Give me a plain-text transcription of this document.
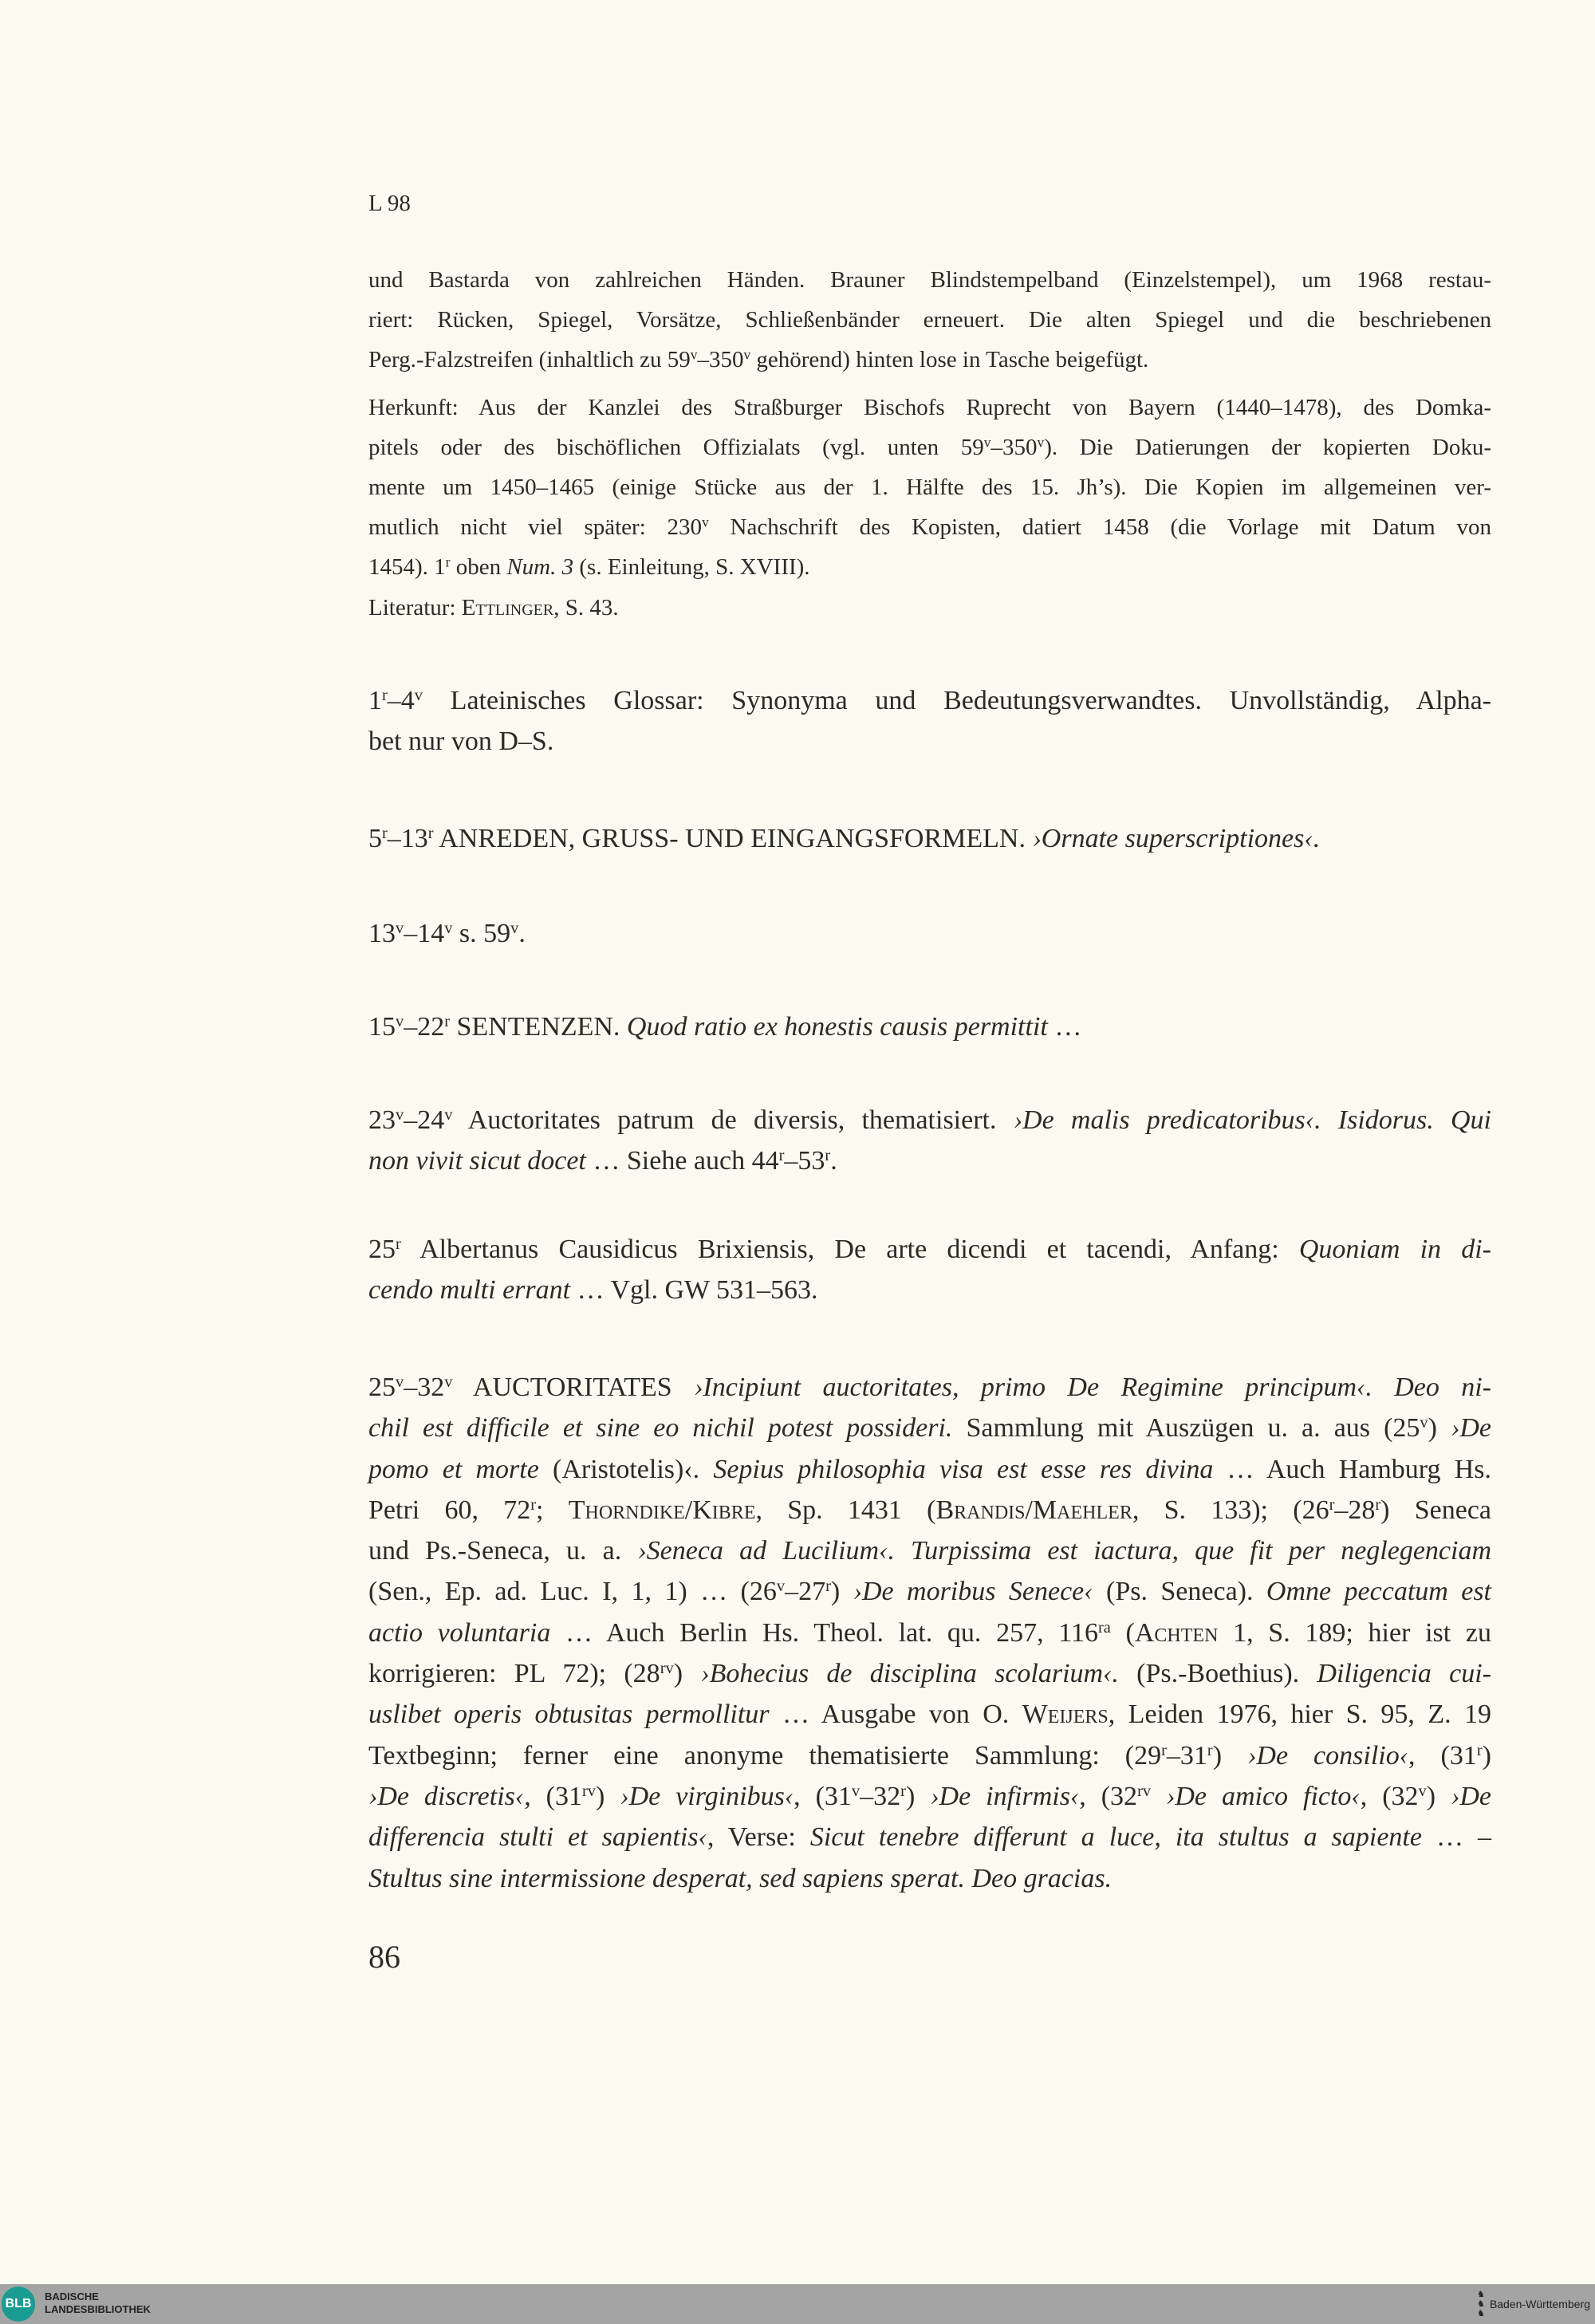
L 98
und Bastarda von zahlreichen Händen. Brauner Blindstempelband (Einzelstempel), um 1968 restau-
riert: Rücken, Spiegel, Vorsätze, Schließenbänder erneuert. Die alten Spiegel und die beschriebenen
Perg.-Falzstreifen (inhaltlich zu 59$^v$–350$^v$ gehörend) hinten lose in Tasche beigefügt.
Herkunft: Aus der Kanzlei des Straßburger Bischofs Ruprecht von Bayern (1440–1478), des Domka-
pitels oder des bischöflichen Offizialats (vgl. unten 59$^v$–350$^v$). Die Datierungen der kopierten Doku-
mente um 1450–1465 (einige Stücke aus der 1. Hälfte des 15. Jh’s). Die Kopien im allgemeinen ver-
mutlich nicht viel später: 230$^v$ Nachschrift des Kopisten, datiert 1458 (die Vorlage mit Datum von
1454). 1$^r$ oben Num. 3 (s. Einleitung, S. XVIII).
Literatur: Ettlinger, S. 43.
1$^r$–4$^v$ Lateinisches Glossar: Synonyma und Bedeutungsverwandtes. Unvollständig, Alpha-
bet nur von D–S.
5$^r$–13$^r$ ANREDEN, GRUSS- UND EINGANGSFORMELN. ›Ornate superscriptiones‹.
13$^v$–14$^v$ s. 59$^v$.
15$^v$–22$^r$ SENTENZEN. Quod ratio ex honestis causis permittit …
23$^v$–24$^v$ Auctoritates patrum de diversis, thematisiert. ›De malis predicatoribus‹. Isidorus. Qui
non vivit sicut docet … Siehe auch 44$^r$–53$^r$.
25$^r$ Albertanus Causidicus Brixiensis, De arte dicendi et tacendi, Anfang: Quoniam in di-
cendo multi errant … Vgl. GW 531–563.
25$^v$–32$^v$ AUCTORITATES ›Incipiunt auctoritates, primo De Regimine principum‹. Deo ni-
chil est difficile et sine eo nichil potest possideri. Sammlung mit Auszügen u. a. aus (25$^v$) ›De
pomo et morte (Aristotelis)‹. Sepius philosophia visa est esse res divina … Auch Hamburg Hs.
Petri 60, 72$^r$; Thorndike/Kibre, Sp. 1431 (Brandis/Maehler, S. 133); (26$^r$–28$^r$) Seneca
und Ps.-Seneca, u. a. ›Seneca ad Lucilium‹. Turpissima est iactura, que fit per neglegenciam
(Sen., Ep. ad. Luc. I, 1, 1) … (26$^v$–27$^r$) ›De moribus Senece‹ (Ps. Seneca). Omne peccatum est
actio voluntaria … Auch Berlin Hs. Theol. lat. qu. 257, $116^{ra}$ (Achten 1, S. 189; hier ist zu
korrigieren: PL 72); $(28^{rv})$ ›Bohecius de disciplina scolarium‹. (Ps.-Boethius). Diligencia cui-
uslibet operis obtusitas permollitur … Ausgabe von O. Weijers, Leiden 1976, hier S. 95, Z. 19
Textbeginn; ferner eine anonyme thematisierte Sammlung: (29$^r$–31$^r$) ›De consilio‹, (31$^r$)
›De discretis‹, $(31^{rv})$ ›De virginibus‹, (31$^v$–32$^r$) ›De infirmis‹, ($32^{rv}$ ›De amico ficto‹, (32$^v$) ›De
differencia stulti et sapientis‹, Verse: Sicut tenebre differunt a luce, ita stultus a sapiente … –
Stultus sine intermissione desperat, sed sapiens sperat. Deo gracias.
86
BLB
BADISCHE
LANDESBIBLIOTHEK
♞
♞
♞
Baden-Württemberg
